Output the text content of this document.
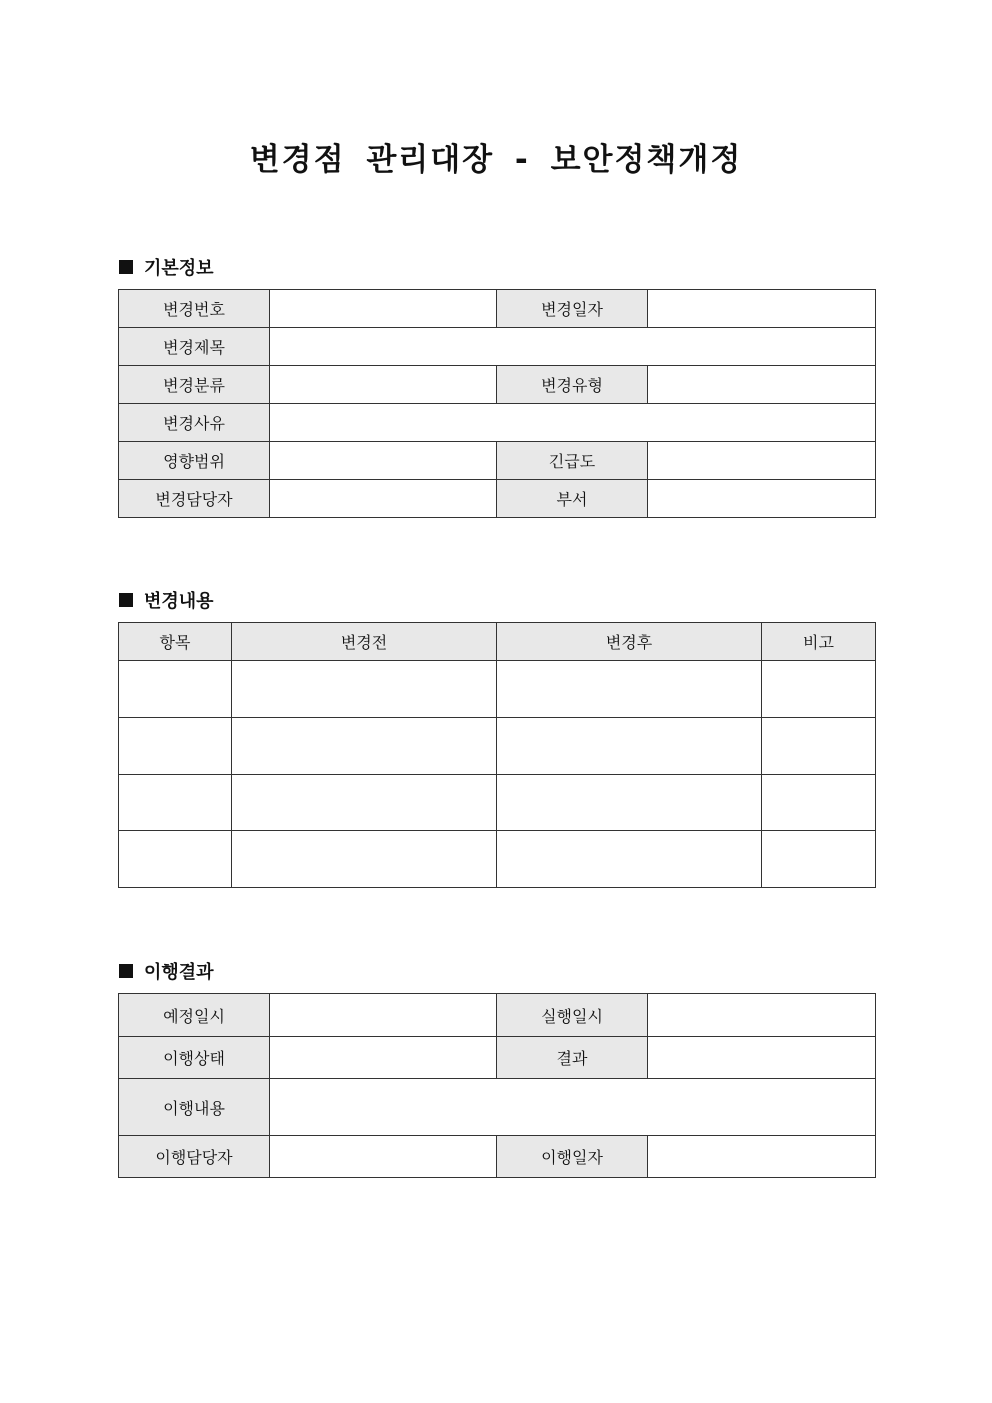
변경점 관리대장 - 보안정책개정
기본정보
변경번호		변경일자	
변경제목			
변경분류		변경유형	
변경사유			
영향범위		긴급도	
변경담당자		부서	
변경내용
항목	변경전	변경후	비고

이행결과
예정일시		실행일시	
이행상태		결과	
이행내용			
이행담당자		이행일자	
